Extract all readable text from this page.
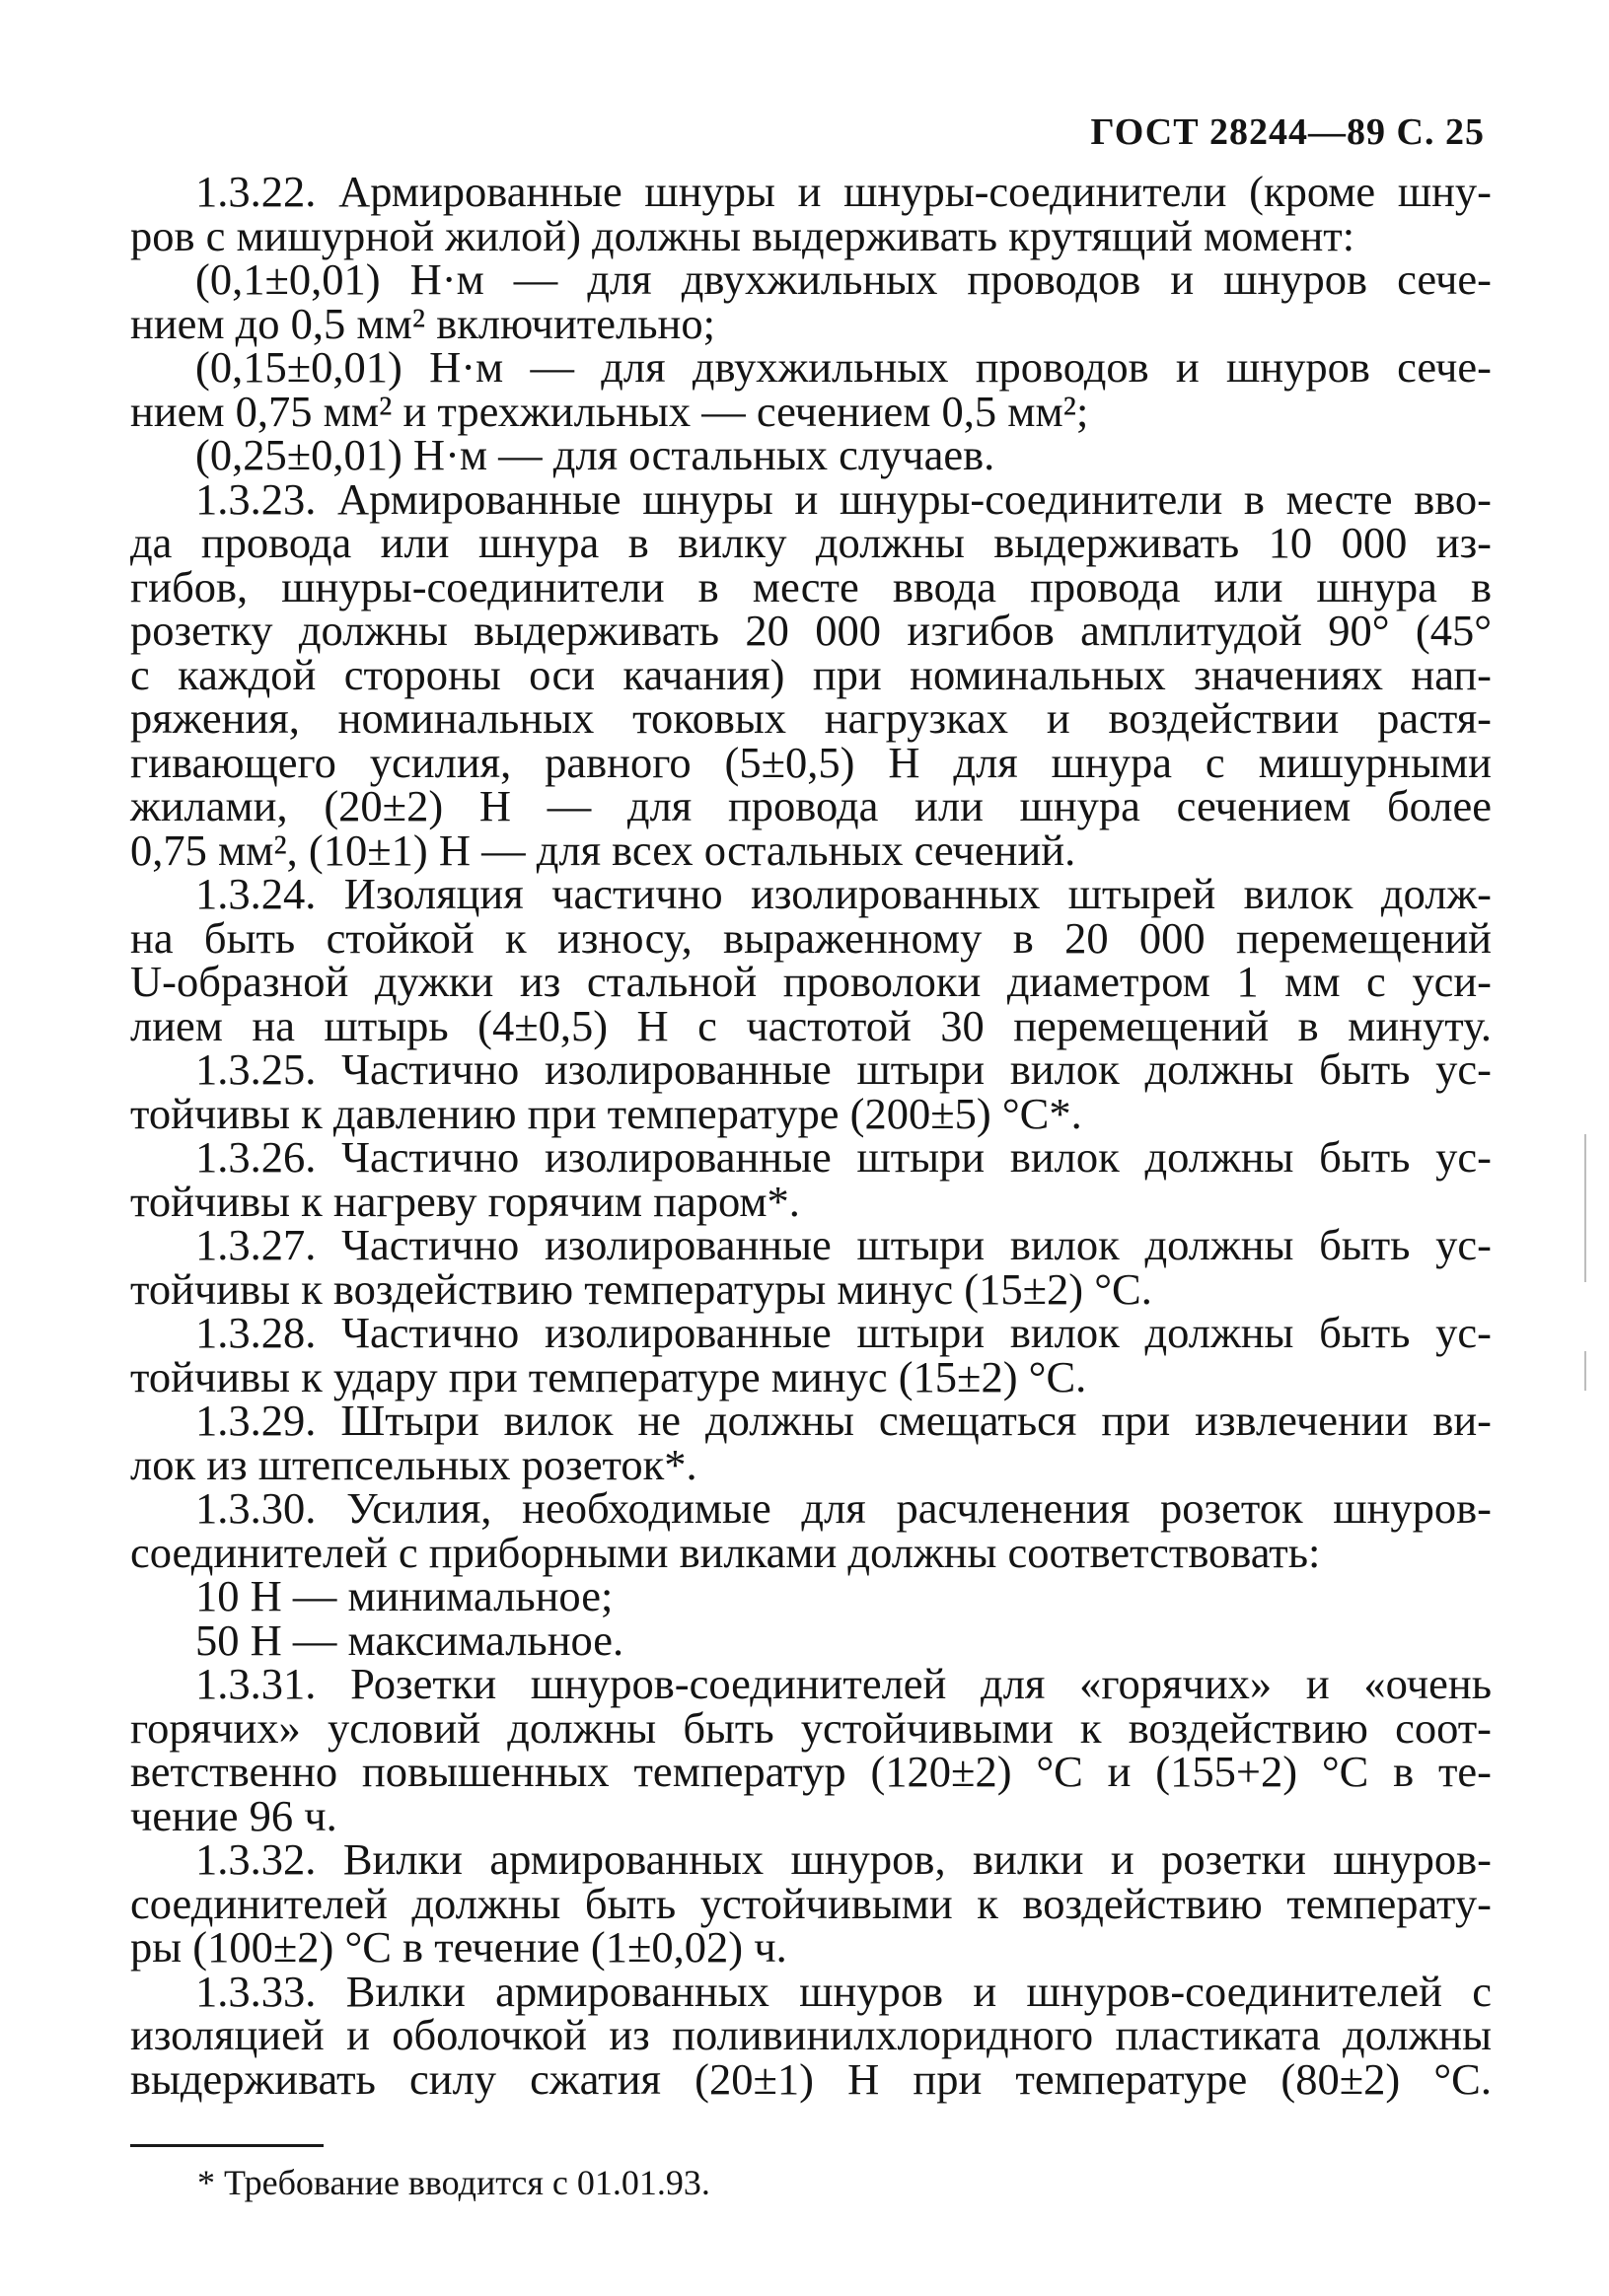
ГОСТ 28244—89 С. 25
1.3.22. Армированные шнуры и шнуры-соединители (кроме шну-
ров с мишурной жилой) должны выдерживать крутящий момент:
(0,1±0,01) Н·м — для двухжильных проводов и шнуров сече-
нием до 0,5 мм² включительно;
(0,15±0,01) Н·м — для двухжильных проводов и шнуров сече-
нием 0,75 мм² и трехжильных — сечением 0,5 мм²;
(0,25±0,01) Н·м — для остальных случаев.
1.3.23. Армированные шнуры и шнуры-соединители в месте вво-
да провода или шнура в вилку должны выдерживать 10 000 из-
гибов, шнуры-соединители в месте ввода провода или шнура в
розетку должны выдерживать 20 000 изгибов амплитудой 90° (45°
с каждой стороны оси качания) при номинальных значениях нап-
ряжения, номинальных токовых нагрузках и воздействии растя-
гивающего усилия, равного (5±0,5) Н для шнура с мишурными
жилами, (20±2) Н — для провода или шнура сечением более
0,75 мм², (10±1) Н — для всех остальных сечений.
1.3.24. Изоляция частично изолированных штырей вилок долж-
на быть стойкой к износу, выраженному в 20 000 перемещений
U-образной дужки из стальной проволоки диаметром 1 мм с уси-
лием на штырь (4±0,5) Н с частотой 30 перемещений в минуту.
1.3.25. Частично изолированные штыри вилок должны быть ус-
тойчивы к давлению при температуре (200±5) °С*.
1.3.26. Частично изолированные штыри вилок должны быть ус-
тойчивы к нагреву горячим паром*.
1.3.27. Частично изолированные штыри вилок должны быть ус-
тойчивы к воздействию температуры минус (15±2) °С.
1.3.28. Частично изолированные штыри вилок должны быть ус-
тойчивы к удару при температуре минус (15±2) °С.
1.3.29. Штыри вилок не должны смещаться при извлечении ви-
лок из штепсельных розеток*.
1.3.30. Усилия, необходимые для расчленения розеток шнуров-
соединителей с приборными вилками должны соответствовать:
10 Н — минимальное;
50 Н — максимальное.
1.3.31. Розетки шнуров-соединителей для «горячих» и «очень
горячих» условий должны быть устойчивыми к воздействию соот-
ветственно повышенных температур (120±2) °С и (155+2) °С в те-
чение 96 ч.
1.3.32. Вилки армированных шнуров, вилки и розетки шнуров-
соединителей должны быть устойчивыми к воздействию температу-
ры (100±2) °С в течение (1±0,02) ч.
1.3.33. Вилки армированных шнуров и шнуров-соединителей с
изоляцией и оболочкой из поливинилхлоридного пластиката должны
выдерживать силу сжатия (20±1) Н при температуре (80±2) °С.
* Требование вводится с 01.01.93.
